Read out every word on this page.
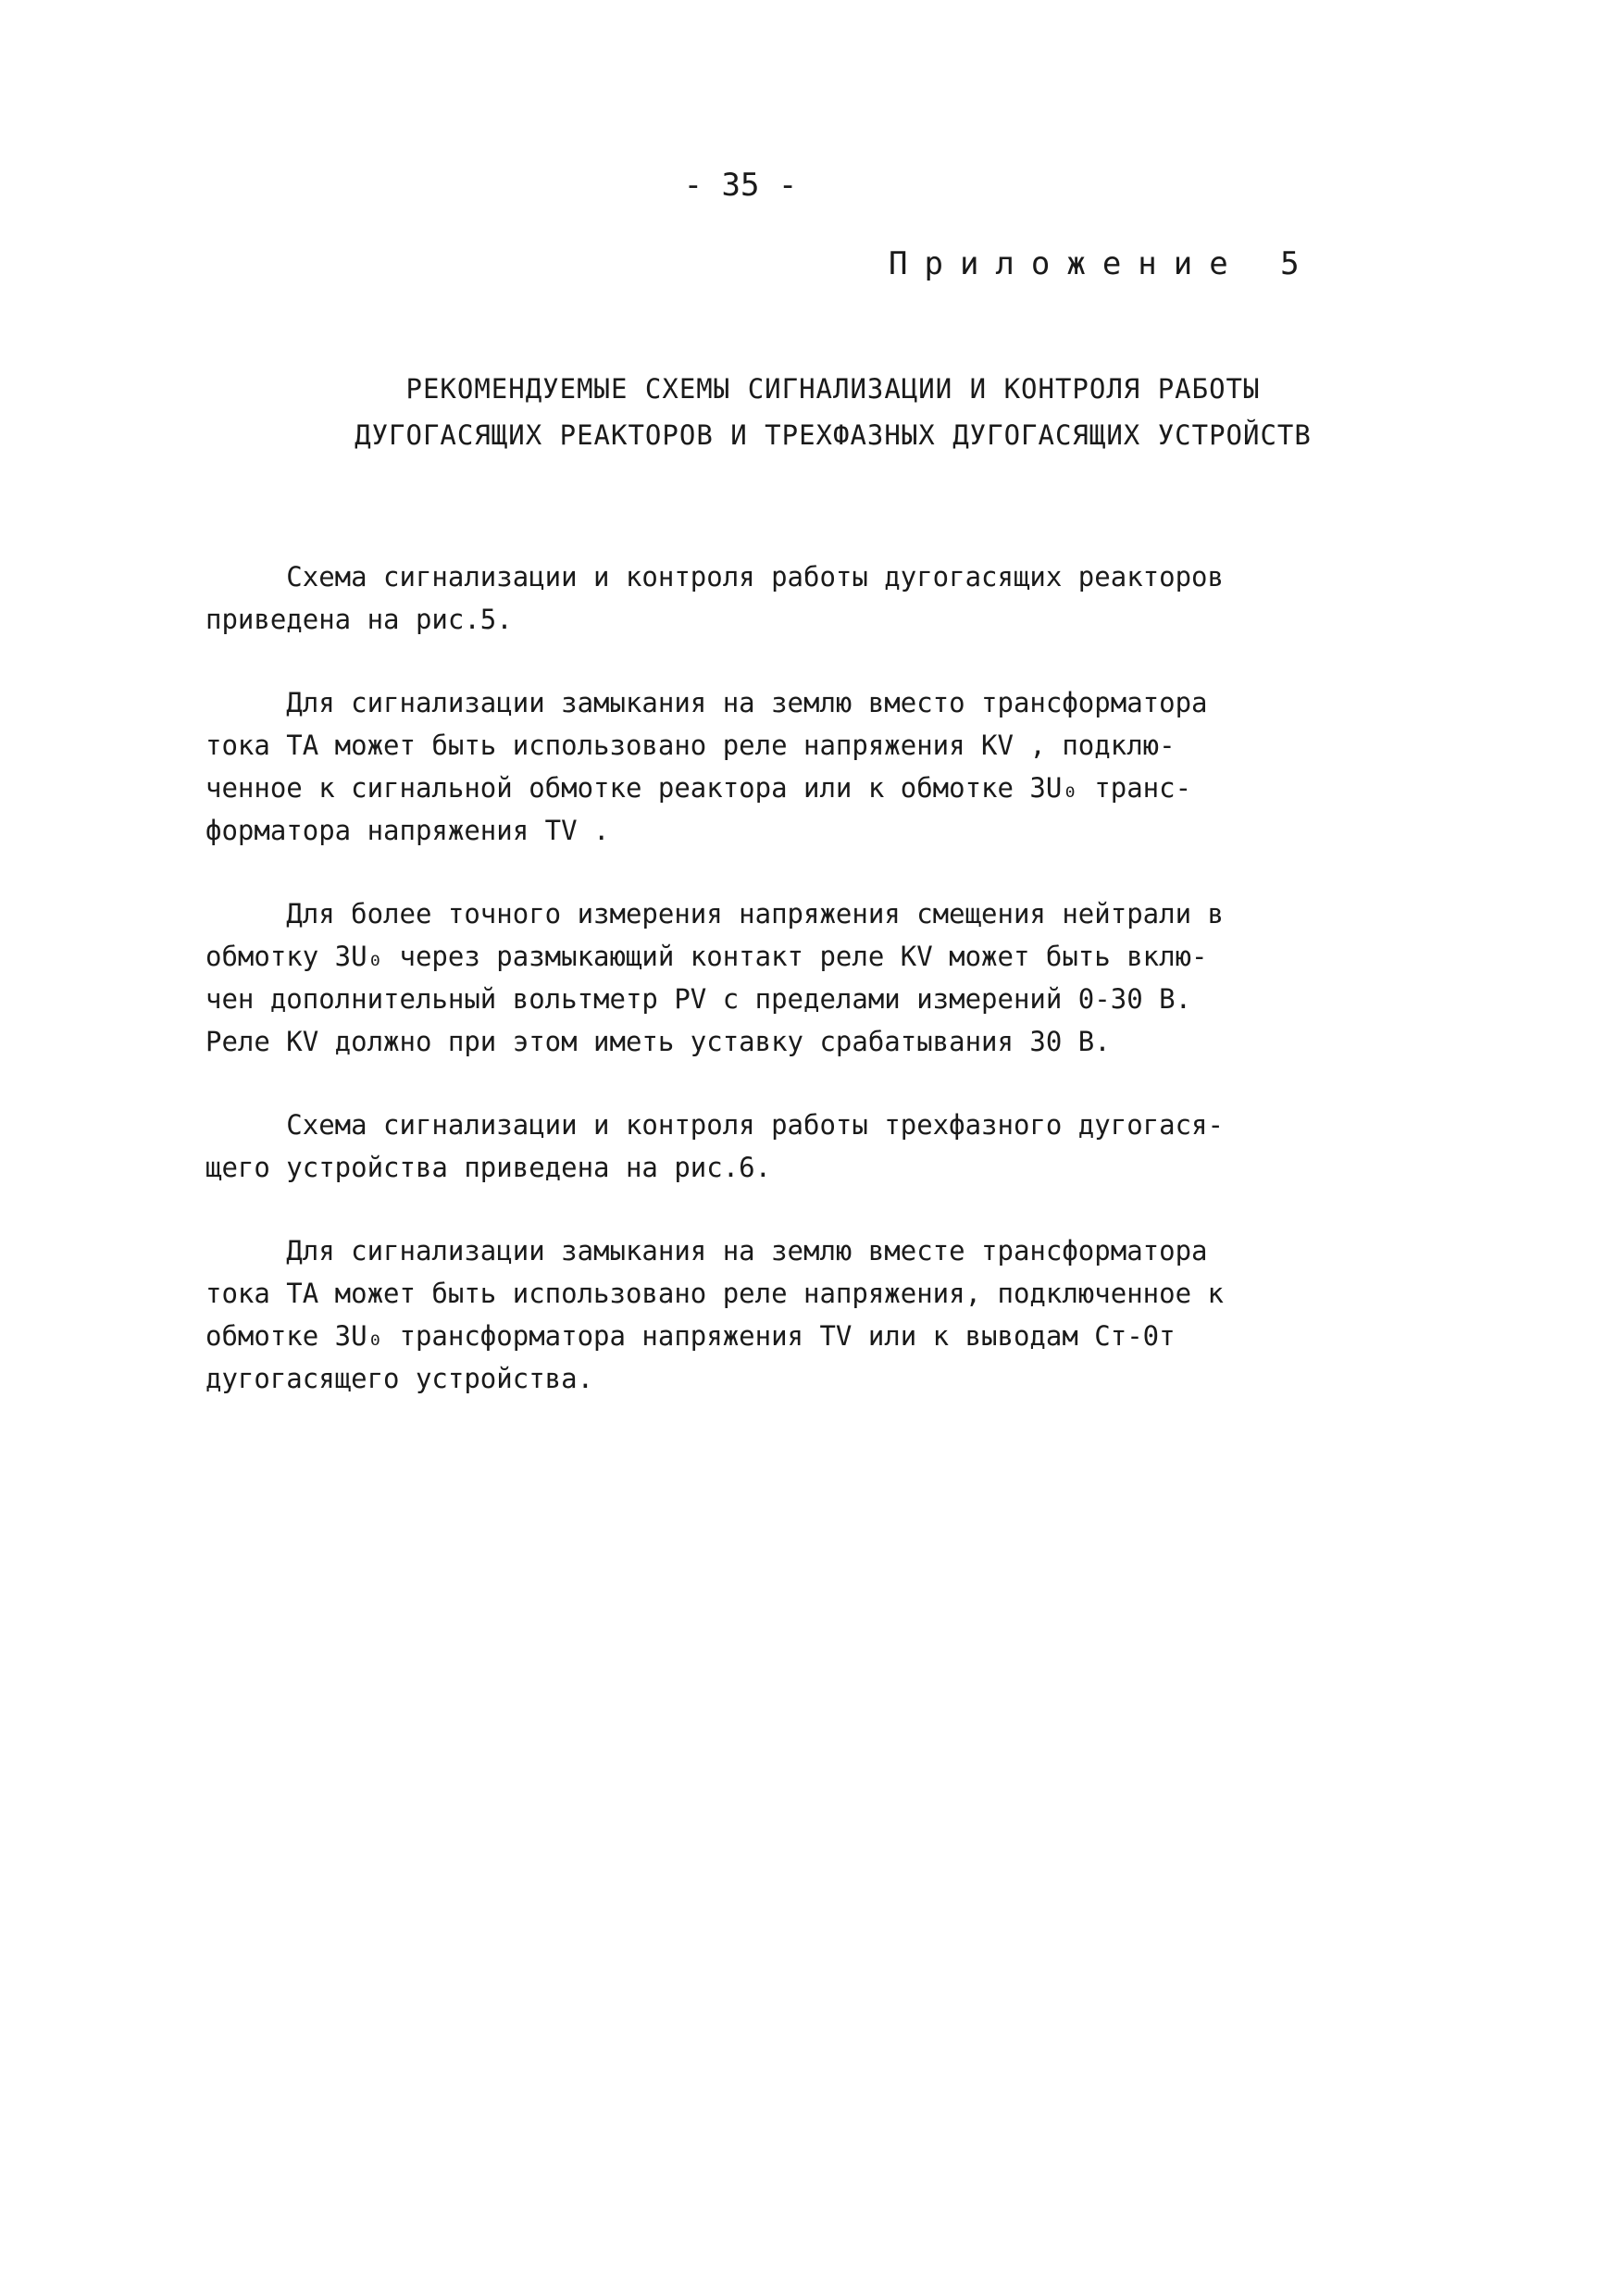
- 35 -
Приложение 5
РЕКОМЕНДУЕМЫЕ СХЕМЫ СИГНАЛИЗАЦИИ И КОНТРОЛЯ РАБОТЫ
ДУГОГАСЯЩИХ РЕАКТОРОВ И ТРЕХФАЗНЫХ ДУГОГАСЯЩИХ УСТРОЙСТВ
Схема сигнализации и контроля работы дугогасящих реакторов
приведена на рис.5.
Для сигнализации замыкания на землю вместо трансформатора
тока ТА может быть использовано реле напряжения KV , подклю-
ченное к сигнальной обмотке реактора или к обмотке 3U₀ транс-
форматора напряжения TV .
Для более точного измерения напряжения смещения нейтрали в
обмотку 3U₀ через размыкающий контакт реле KV может быть вклю-
чен дополнительный вольтметр PV с пределами измерений 0-30 В.
Реле KV должно при этом иметь уставку срабатывания 30 В.
Схема сигнализации и контроля работы трехфазного дугогася-
щего устройства приведена на рис.6.
Для сигнализации замыкания на землю вместе трансформатора
тока ТА может быть использовано реле напряжения, подключенное к
обмотке 3U₀ трансформатора напряжения TV или к выводам Cт-0т
дугогасящего устройства.
